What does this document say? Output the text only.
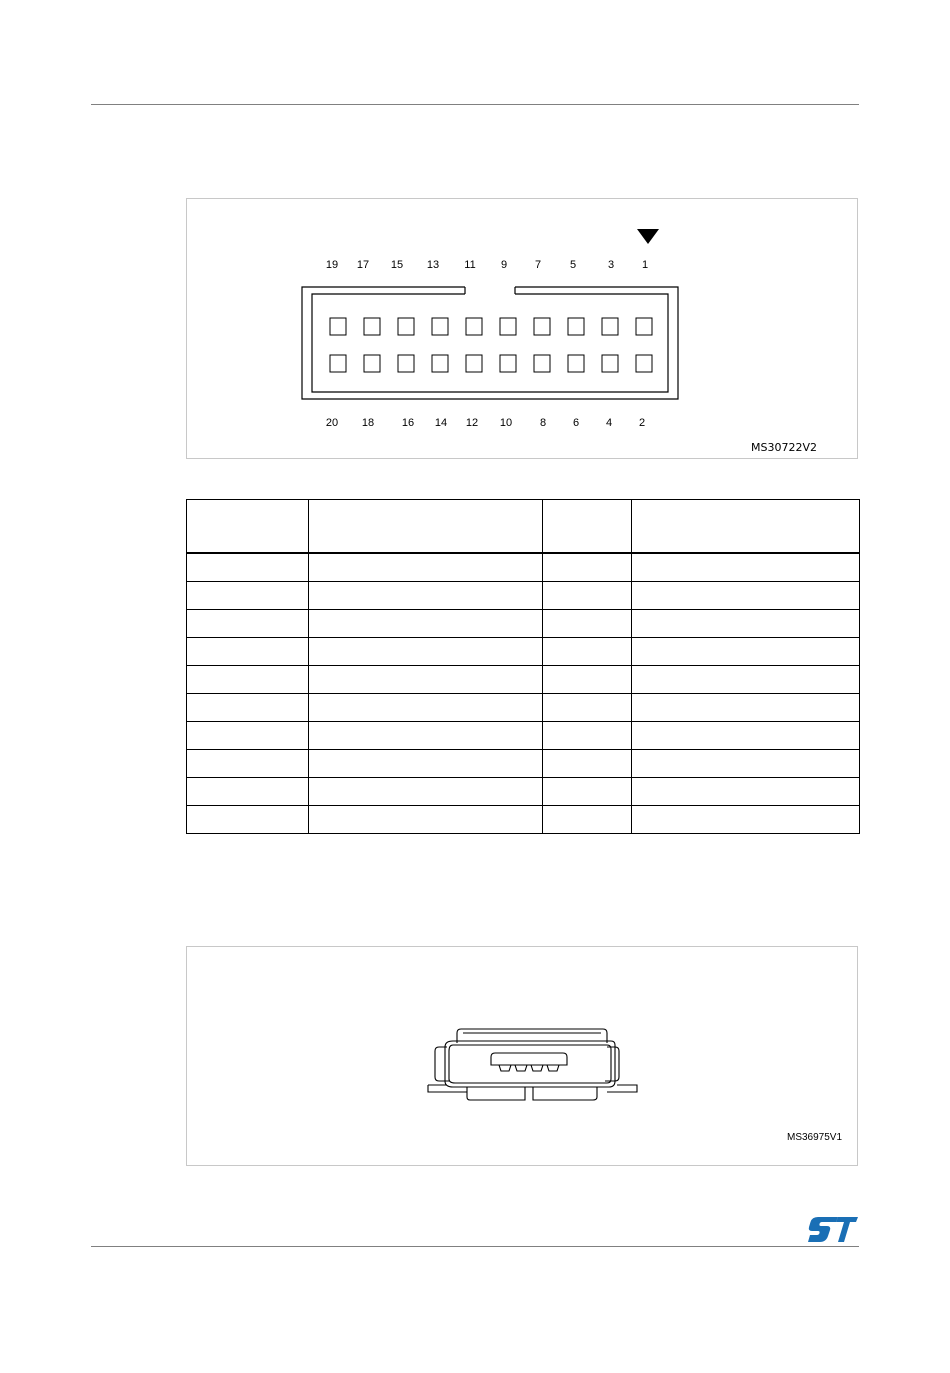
19 17 15 13 11 9	7	5	3	1
20 18	16 14 12 10	8 6 4 2
MS30722V2

MS36975V1
